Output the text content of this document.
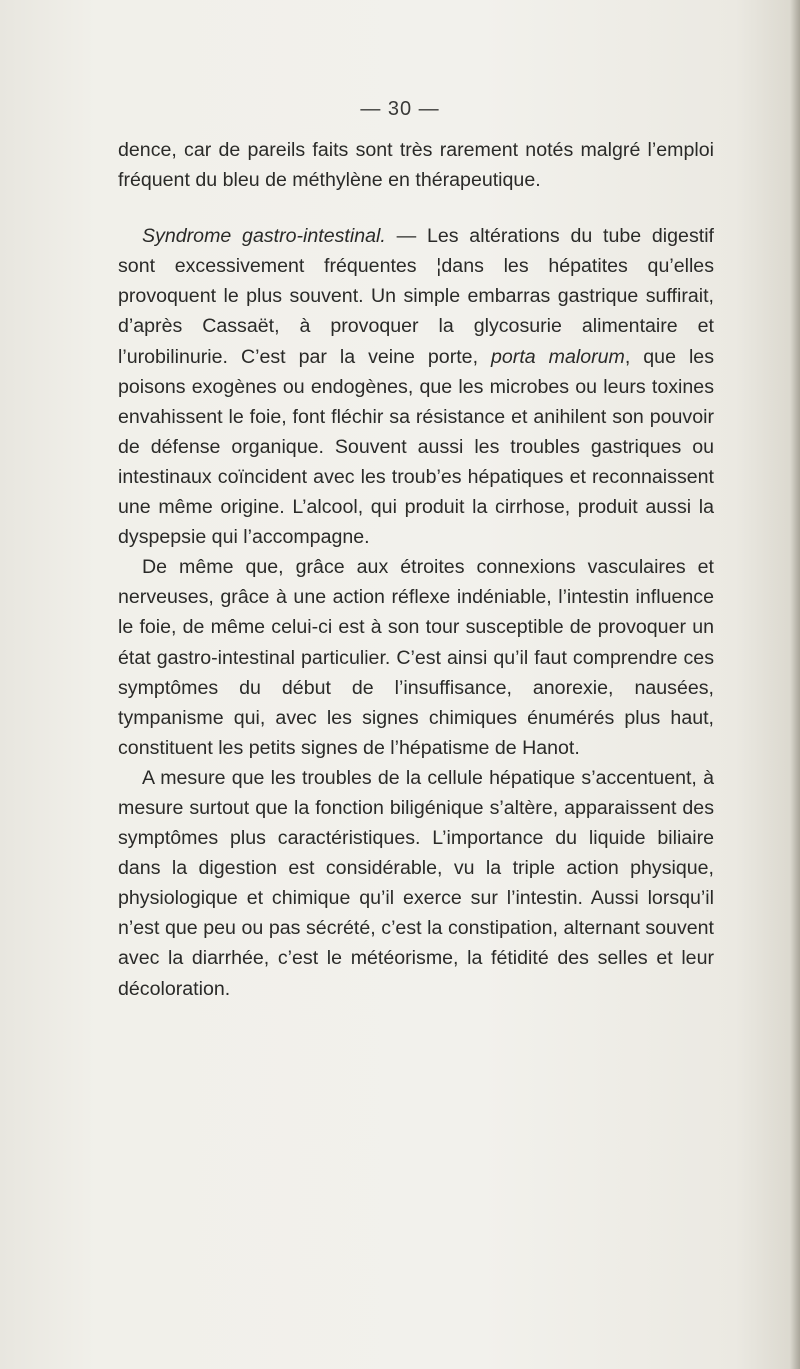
— 30 —

dence, car de pareils faits sont très rarement notés malgré l’emploi fréquent du bleu de méthylène en thérapeutique.

Syndrome gastro-intestinal. — Les altérations du tube digestif sont excessivement fréquentes ¦dans les hépatites qu’elles provoquent le plus souvent. Un simple embarras gastrique suffirait, d’après Cassaët, à provoquer la glycosurie alimentaire et l’urobilinurie. C’est par la veine porte, porta malorum, que les poisons exogènes ou endogènes, que les microbes ou leurs toxines envahissent le foie, font fléchir sa résistance et anihilent son pouvoir de défense organique. Souvent aussi les troubles gastriques ou intestinaux coïncident avec les troub’es hépatiques et reconnaissent une même origine. L’alcool, qui produit la cirrhose, produit aussi la dyspepsie qui l’accompagne.

De même que, grâce aux étroites connexions vasculaires et nerveuses, grâce à une action réflexe indéniable, l’intestin influence le foie, de même celui-ci est à son tour susceptible de provoquer un état gastro-intestinal particulier. C’est ainsi qu’il faut comprendre ces symptômes du début de l’insuffisance, anorexie, nausées, tympanisme qui, avec les signes chimiques énumérés plus haut, constituent les petits signes de l’hépatisme de Hanot.

A mesure que les troubles de la cellule hépatique s’accentuent, à mesure surtout que la fonction biligénique s’altère, apparaissent des symptômes plus caractéristiques. L’importance du liquide biliaire dans la digestion est considérable, vu la triple action physique, physiologique et chimique qu’il exerce sur l’intestin. Aussi lorsqu’il n’est que peu ou pas sécrété, c’est la constipation, alternant souvent avec la diarrhée, c’est le météorisme, la fétidité des selles et leur décoloration.
